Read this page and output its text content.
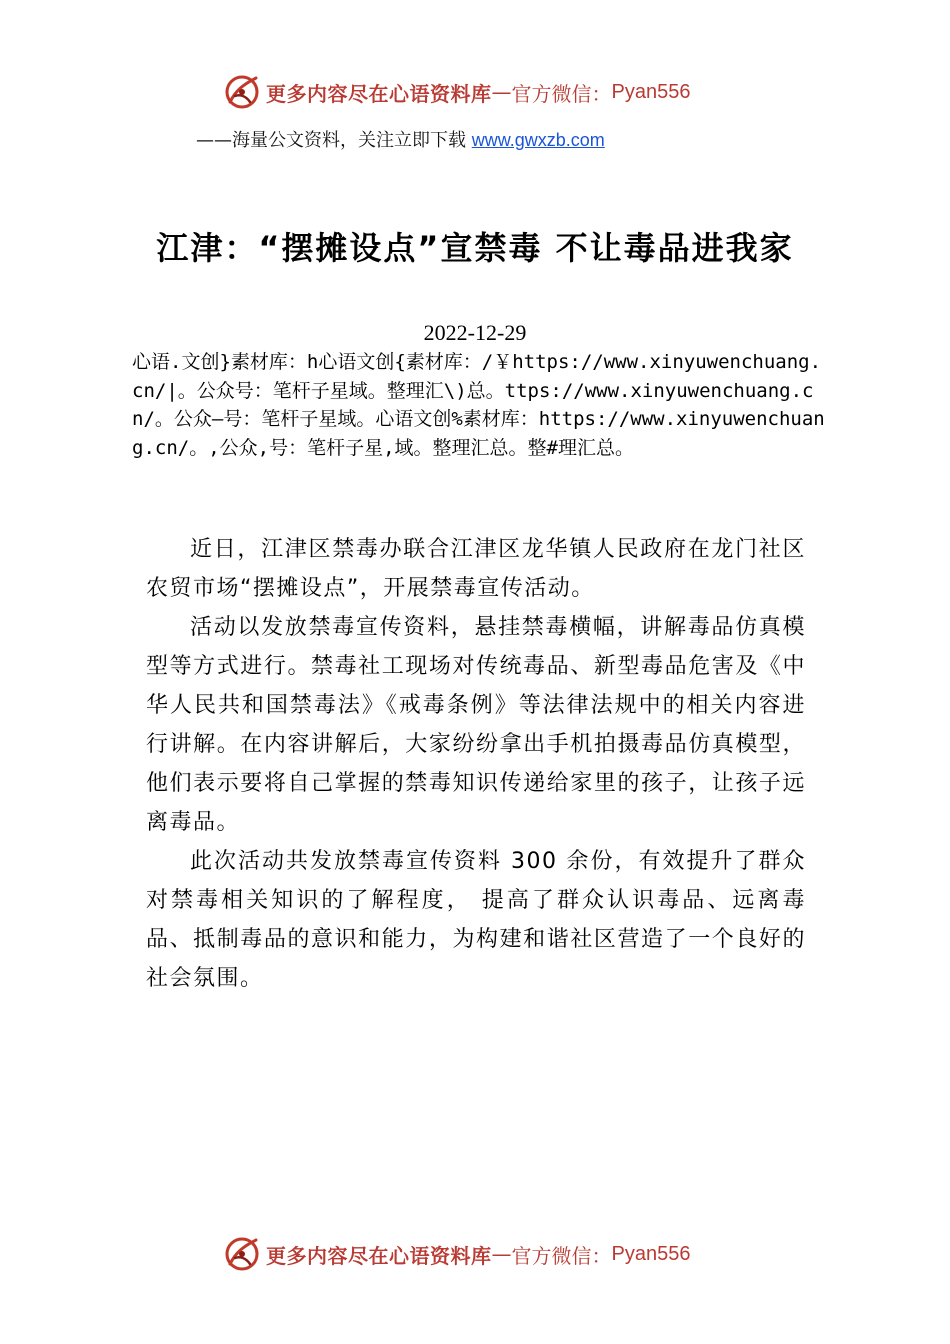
更多内容尽在心语资料库 — 官方微信： Pyan556
——海量公文资料，关注立即下载 www.gwxzb.com
江津：“摆摊设点”宣禁毒 不让毒品进我家
2022-12-29
心语.文创}素材库：h心语文创{素材库：/￥https://www.xinyuwenchuang.cn/|。公众号：笔杆子星域。整理汇\)总。ttps://www.xinyuwenchuang.cn/。公众—号：笔杆子星域。心语文创%素材库：https://www.xinyuwenchuang.cn/。,公众,号：笔杆子星,域。整理汇总。整#理汇总。

近日，江津区禁毒办联合江津区龙华镇人民政府在龙门社区农贸市场“摆摊设点”，开展禁毒宣传活动。

活动以发放禁毒宣传资料，悬挂禁毒横幅，讲解毒品仿真模型等方式进行。禁毒社工现场对传统毒品、新型毒品危害及《中华人民共和国禁毒法》《戒毒条例》等法律法规中的相关内容进行讲解。在内容讲解后，大家纷纷拿出手机拍摄毒品仿真模型，他们表示要将自己掌握的禁毒知识传递给家里的孩子，让孩子远离毒品。

此次活动共发放禁毒宣传资料 300 余份，有效提升了群众对禁毒相关知识的了解程度， 提高了群众认识毒品、远离毒品、抵制毒品的意识和能力，为构建和谐社区营造了一个良好的社会氛围。

更多内容尽在心语资料库 — 官方微信： Pyan556
